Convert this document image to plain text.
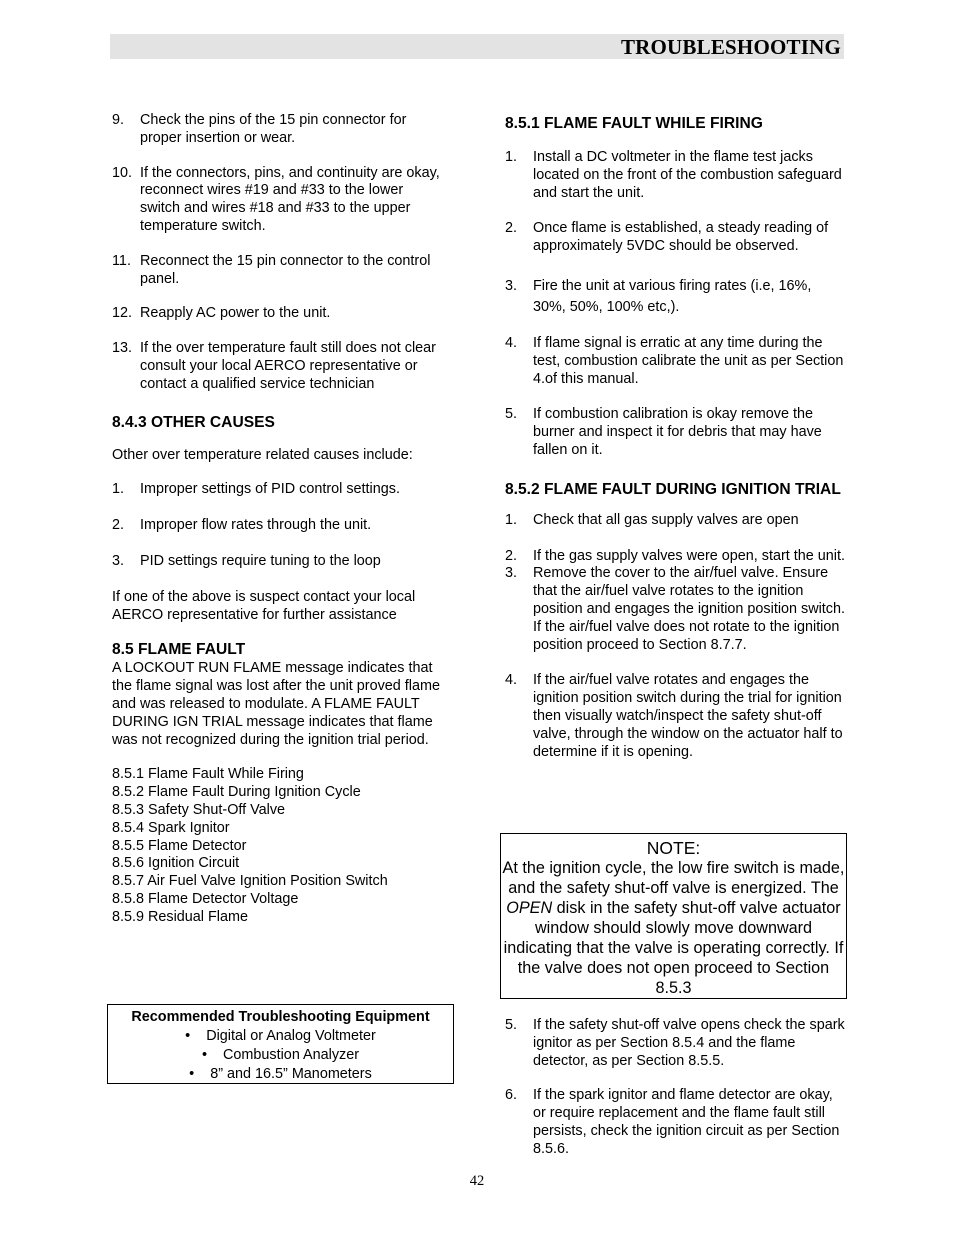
TROUBLESHOOTING
9. Check the pins of the 15 pin connector for proper insertion or wear.
10. If the connectors, pins, and continuity are okay, reconnect wires #19 and #33 to the lower switch and wires #18 and #33 to the upper temperature switch.
11. Reconnect the 15 pin connector to the control panel.
12. Reapply AC power to the unit.
13. If the over temperature fault still does not clear consult your local AERCO representative or contact a qualified service technician
8.4.3 OTHER CAUSES
Other over temperature related causes include:
1. Improper settings of PID control settings.
2. Improper flow rates through the unit.
3. PID settings require tuning to the loop
If one of the above is suspect contact your local AERCO representative for further assistance
8.5 FLAME FAULT
A LOCKOUT RUN FLAME message indicates that the flame signal was lost after the unit proved flame and was released to modulate. A FLAME FAULT DURING IGN TRIAL message indicates that flame was not recognized during the ignition trial period.
8.5.1 Flame Fault While Firing
8.5.2 Flame Fault During Ignition Cycle
8.5.3 Safety Shut-Off Valve
8.5.4 Spark Ignitor
8.5.5 Flame Detector
8.5.6 Ignition Circuit
8.5.7 Air Fuel Valve Ignition Position Switch
8.5.8 Flame Detector Voltage
8.5.9 Residual Flame
Recommended Troubleshooting Equipment
• Digital or Analog Voltmeter
• Combustion Analyzer
• 8” and 16.5” Manometers
8.5.1 FLAME FAULT WHILE FIRING
1. Install a DC voltmeter in the flame test jacks located on the front of the combustion safeguard and start the unit.
2. Once flame is established, a steady reading of approximately 5VDC should be observed.
3. Fire the unit at various firing rates (i.e, 16%, 30%, 50%, 100% etc,).
4. If flame signal is erratic at any time during the test, combustion calibrate the unit as per Section 4.of this manual.
5. If combustion calibration is okay remove the burner and inspect it for debris that may have fallen on it.
8.5.2 FLAME FAULT DURING IGNITION TRIAL
1. Check that all gas supply valves are open
2. If the gas supply valves were open, start the unit.
3. Remove the cover to the air/fuel valve. Ensure that the air/fuel valve rotates to the ignition position and engages the ignition position switch. If the air/fuel valve does not rotate to the ignition position proceed to Section 8.7.7.
4. If the air/fuel valve rotates and engages the ignition position switch during the trial for ignition then visually watch/inspect the safety shut-off valve, through the window on the actuator half to determine if it is opening.
NOTE:
At the ignition cycle, the low fire switch is made, and the safety shut-off valve is energized. The OPEN disk in the safety shut-off valve actuator window should slowly move downward indicating that the valve is operating correctly. If the valve does not open proceed to Section 8.5.3
5. If the safety shut-off valve opens check the spark ignitor as per Section 8.5.4 and the flame detector, as per Section 8.5.5.
6. If the spark ignitor and flame detector are okay, or require replacement and the flame fault still persists, check the ignition circuit as per Section 8.5.6.
42
